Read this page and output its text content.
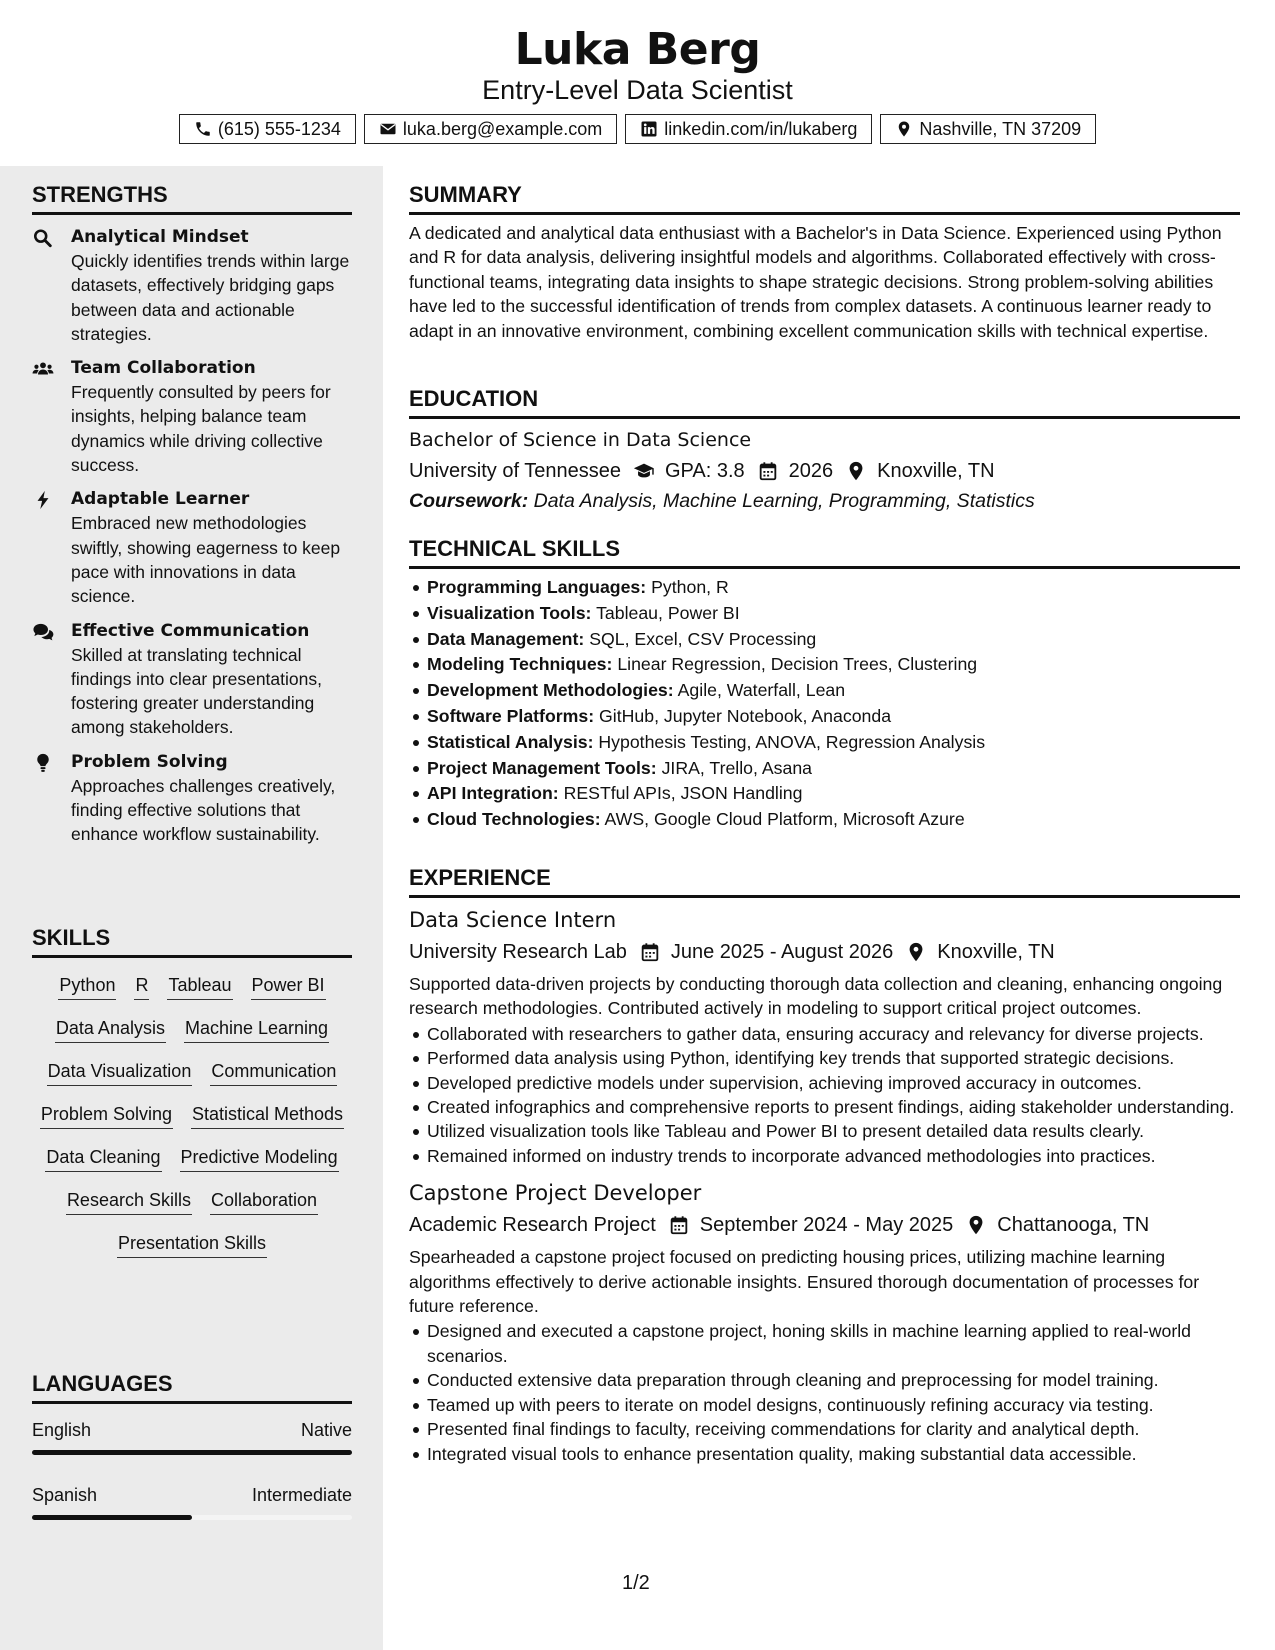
Luka Berg
Entry-Level Data Scientist
(615) 555-1234	luka.berg@example.com	linkedin.com/in/lukaberg	Nashville, TN 37209
STRENGTHS
Analytical Mindset
Quickly identifies trends within large datasets, effectively bridging gaps between data and actionable strategies.
Team Collaboration
Frequently consulted by peers for insights, helping balance team dynamics while driving collective success.
Adaptable Learner
Embraced new methodologies swiftly, showing eagerness to keep pace with innovations in data science.
Effective Communication
Skilled at translating technical findings into clear presentations, fostering greater understanding among stakeholders.
Problem Solving
Approaches challenges creatively, finding effective solutions that enhance workflow sustainability.
SKILLS
Python R Tableau Power BI
Data Analysis Machine Learning
Data Visualization Communication
Problem Solving Statistical Methods
Data Cleaning Predictive Modeling
Research Skills Collaboration
Presentation Skills
LANGUAGES
English	Native
Spanish	Intermediate
SUMMARY
A dedicated and analytical data enthusiast with a Bachelor's in Data Science. Experienced using Python and R for data analysis, delivering insightful models and algorithms. Collaborated effectively with cross-functional teams, integrating data insights to shape strategic decisions. Strong problem-solving abilities have led to the successful identification of trends from complex datasets. A continuous learner ready to adapt in an innovative environment, combining excellent communication skills with technical expertise.
EDUCATION
Bachelor of Science in Data Science
University of Tennessee GPA: 3.8 2026 Knoxville, TN
Coursework: Data Analysis, Machine Learning, Programming, Statistics
TECHNICAL SKILLS
Programming Languages: Python, R
Visualization Tools: Tableau, Power BI
Data Management: SQL, Excel, CSV Processing
Modeling Techniques: Linear Regression, Decision Trees, Clustering
Development Methodologies: Agile, Waterfall, Lean
Software Platforms: GitHub, Jupyter Notebook, Anaconda
Statistical Analysis: Hypothesis Testing, ANOVA, Regression Analysis
Project Management Tools: JIRA, Trello, Asana
API Integration: RESTful APIs, JSON Handling
Cloud Technologies: AWS, Google Cloud Platform, Microsoft Azure
EXPERIENCE
Data Science Intern
University Research Lab June 2025 - August 2026 Knoxville, TN
Supported data-driven projects by conducting thorough data collection and cleaning, enhancing ongoing research methodologies. Contributed actively in modeling to support critical project outcomes.
Collaborated with researchers to gather data, ensuring accuracy and relevancy for diverse projects.
Performed data analysis using Python, identifying key trends that supported strategic decisions.
Developed predictive models under supervision, achieving improved accuracy in outcomes.
Created infographics and comprehensive reports to present findings, aiding stakeholder understanding.
Utilized visualization tools like Tableau and Power BI to present detailed data results clearly.
Remained informed on industry trends to incorporate advanced methodologies into practices.
Capstone Project Developer
Academic Research Project September 2024 - May 2025 Chattanooga, TN
Spearheaded a capstone project focused on predicting housing prices, utilizing machine learning algorithms effectively to derive actionable insights. Ensured thorough documentation of processes for future reference.
Designed and executed a capstone project, honing skills in machine learning applied to real-world scenarios.
Conducted extensive data preparation through cleaning and preprocessing for model training.
Teamed up with peers to iterate on model designs, continuously refining accuracy via testing.
Presented final findings to faculty, receiving commendations for clarity and analytical depth.
Integrated visual tools to enhance presentation quality, making substantial data accessible.
1/2
